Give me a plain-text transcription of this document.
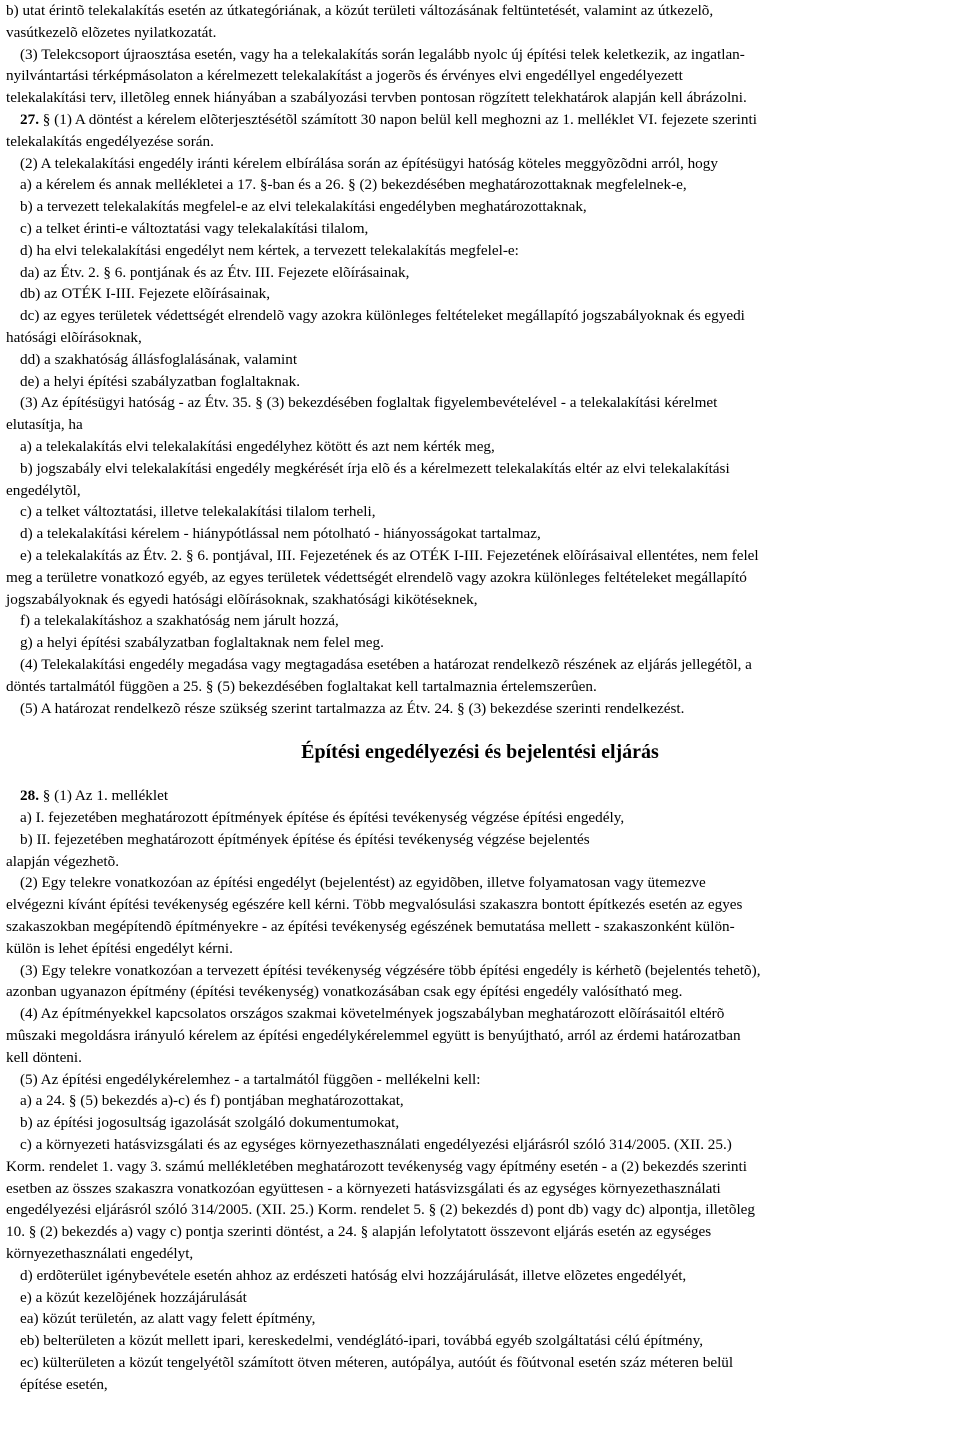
b) utat érintõ telekalakítás esetén az útkategóriának, a közút területi változásának feltüntetését, valamint az útkezelõ,
vasútkezelõ elõzetes nyilatkozatát.
(3) Telekcsoport újraosztása esetén, vagy ha a telekalakítás során legalább nyolc új építési telek keletkezik, az ingatlan-
nyilvántartási térképmásolaton a kérelmezett telekalakítást a jogerõs és érvényes elvi engedéllyel engedélyezett
telekalakítási terv, illetõleg ennek hiányában a szabályozási tervben pontosan rögzített telekhatárok alapján kell ábrázolni.
27. § (1) A döntést a kérelem elõterjesztésétõl számított 30 napon belül kell meghozni az 1. melléklet VI. fejezete szerinti
telekalakítás engedélyezése során.
(2) A telekalakítási engedély iránti kérelem elbírálása során az építésügyi hatóság köteles meggyõzõdni arról, hogy
a) a kérelem és annak mellékletei a 17. §-ban és a 26. § (2) bekezdésében meghatározottaknak megfelelnek-e,
b) a tervezett telekalakítás megfelel-e az elvi telekalakítási engedélyben meghatározottaknak,
c) a telket érinti-e változtatási vagy telekalakítási tilalom,
d) ha elvi telekalakítási engedélyt nem kértek, a tervezett telekalakítás megfelel-e:
da) az Étv. 2. § 6. pontjának és az Étv. III. Fejezete elõírásainak,
db) az OTÉK I-III. Fejezete elõírásainak,
dc) az egyes területek védettségét elrendelõ vagy azokra különleges feltételeket megállapító jogszabályoknak és egyedi
hatósági elõírásoknak,
dd) a szakhatóság állásfoglalásának, valamint
de) a helyi építési szabályzatban foglaltaknak.
(3) Az építésügyi hatóság - az Étv. 35. § (3) bekezdésében foglaltak figyelembevételével - a telekalakítási kérelmet
elutasítja, ha
a) a telekalakítás elvi telekalakítási engedélyhez kötött és azt nem kérték meg,
b) jogszabály elvi telekalakítási engedély megkérését írja elõ és a kérelmezett telekalakítás eltér az elvi telekalakítási
engedélytõl,
c) a telket változtatási, illetve telekalakítási tilalom terheli,
d) a telekalakítási kérelem - hiánypótlással nem pótolható - hiányosságokat tartalmaz,
e) a telekalakítás az Étv. 2. § 6. pontjával, III. Fejezetének és az OTÉK I-III. Fejezetének elõírásaival ellentétes, nem felel
meg a területre vonatkozó egyéb, az egyes területek védettségét elrendelõ vagy azokra különleges feltételeket megállapító
jogszabályoknak és egyedi hatósági elõírásoknak, szakhatósági kikötéseknek,
f) a telekalakításhoz a szakhatóság nem járult hozzá,
g) a helyi építési szabályzatban foglaltaknak nem felel meg.
(4) Telekalakítási engedély megadása vagy megtagadása esetében a határozat rendelkezõ részének az eljárás jellegétõl, a
döntés tartalmától függõen a 25. § (5) bekezdésében foglaltakat kell tartalmaznia értelemszerûen.
(5) A határozat rendelkezõ része szükség szerint tartalmazza az Étv. 24. § (3) bekezdése szerinti rendelkezést.
Építési engedélyezési és bejelentési eljárás
28. § (1) Az 1. melléklet
a) I. fejezetében meghatározott építmények építése és építési tevékenység végzése építési engedély,
b) II. fejezetében meghatározott építmények építése és építési tevékenység végzése bejelentés
alapján végezhetõ.
(2) Egy telekre vonatkozóan az építési engedélyt (bejelentést) az egyidõben, illetve folyamatosan vagy ütemezve
elvégezni kívánt építési tevékenység egészére kell kérni. Több megvalósulási szakaszra bontott építkezés esetén az egyes
szakaszokban megépítendõ építményekre - az építési tevékenység egészének bemutatása mellett - szakaszonként külön-
külön is lehet építési engedélyt kérni.
(3) Egy telekre vonatkozóan a tervezett építési tevékenység végzésére több építési engedély is kérhetõ (bejelentés tehetõ),
azonban ugyanazon építmény (építési tevékenység) vonatkozásában csak egy építési engedély valósítható meg.
(4) Az építményekkel kapcsolatos országos szakmai követelmények jogszabályban meghatározott elõírásaitól eltérõ
mûszaki megoldásra irányuló kérelem az építési engedélykérelemmel együtt is benyújtható, arról az érdemi határozatban
kell dönteni.
(5) Az építési engedélykérelemhez - a tartalmától függõen - mellékelni kell:
a) a 24. § (5) bekezdés a)-c) és f) pontjában meghatározottakat,
b) az építési jogosultság igazolását szolgáló dokumentumokat,
c) a környezeti hatásvizsgálati és az egységes környezethasználati engedélyezési eljárásról szóló 314/2005. (XII. 25.)
Korm. rendelet 1. vagy 3. számú mellékletében meghatározott tevékenység vagy építmény esetén - a (2) bekezdés szerinti
esetben az összes szakaszra vonatkozóan együttesen - a környezeti hatásvizsgálati és az egységes környezethasználati
engedélyezési eljárásról szóló 314/2005. (XII. 25.) Korm. rendelet 5. § (2) bekezdés d) pont db) vagy dc) alpontja, illetõleg
10. § (2) bekezdés a) vagy c) pontja szerinti döntést, a 24. § alapján lefolytatott összevont eljárás esetén az egységes
környezethasználati engedélyt,
d) erdõterület igénybevétele esetén ahhoz az erdészeti hatóság elvi hozzájárulását, illetve elõzetes engedélyét,
e) a közút kezelõjének hozzájárulását
ea) közút területén, az alatt vagy felett építmény,
eb) belterületen a közút mellett ipari, kereskedelmi, vendéglátó-ipari, továbbá egyéb szolgáltatási célú építmény,
ec) külterületen a közút tengelyétõl számított ötven méteren, autópálya, autóút és fõútvonal esetén száz méteren belül
építése esetén,
